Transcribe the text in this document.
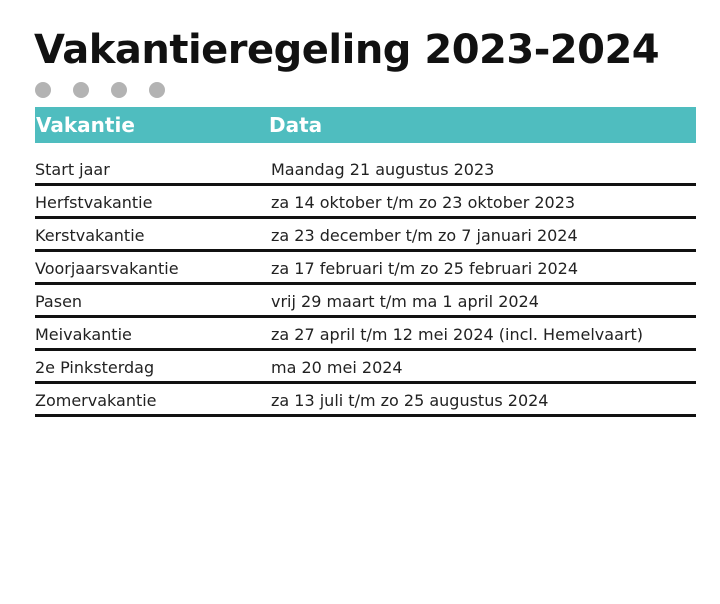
Vakantieregeling 2023-2024
Vakantie	Data
Start jaar	Maandag 21 augustus 2023
Herfstvakantie	za 14 oktober t/m zo 23 oktober 2023
Kerstvakantie	za 23 december t/m zo 7 januari 2024
Voorjaarsvakantie	za 17 februari t/m zo 25 februari 2024
Pasen	vrij 29 maart t/m ma 1 april 2024
Meivakantie	za 27 april t/m 12 mei 2024 (incl. Hemelvaart)
2e Pinksterdag	ma 20 mei 2024
Zomervakantie	za 13 juli t/m zo 25 augustus 2024
